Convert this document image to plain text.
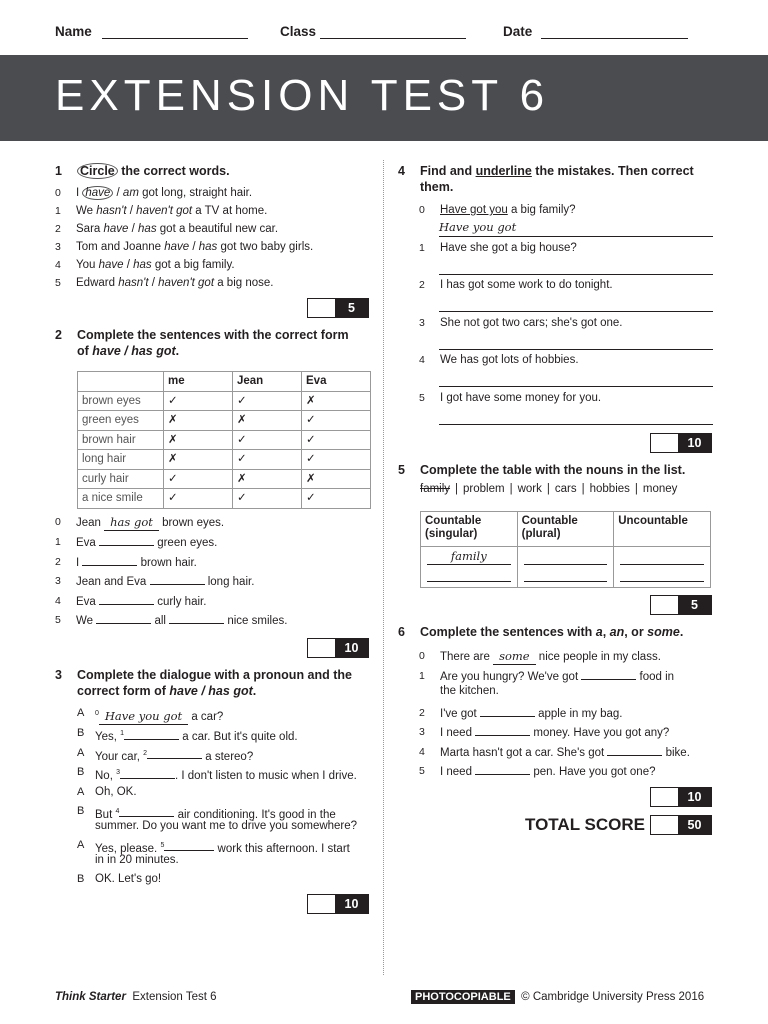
Name	Class	Date
EXTENSION TEST 6
1 Circle the correct words.
0 I have / am got long, straight hair.
1 We hasn't / haven't got a TV at home.
2 Sara have / has got a beautiful new car.
3 Tom and Joanne have / has got two baby girls.
4 You have / has got a big family.
5 Edward hasn't / haven't got a big nose.
5
2 Complete the sentences with the correct form
of have / has got.
	me	Jean	Eva
brown eyes	✓	✓	✗
green eyes	✗	✗	✓
brown hair	✗	✓	✓
long hair	✗	✓	✓
curly hair	✓	✗	✗
a nice smile	✓	✓	✓
0 Jean has got brown eyes.
1 Eva	green eyes.
2 I	brown hair.
3 Jean and Eva	long hair.
4 Eva	curly hair.
5 We	all	nice smiles.
10
3 Complete the dialogue with a pronoun and the
correct form of have / has got.
A $^0$ Have you got a car?
B Yes, $^1$	a car. But it's quite old.
A Your car, $^2$	a stereo?
B No, $^3$	. I don't listen to music when I drive.
A Oh, OK.
B But $^4$	air conditioning. It's good in the
summer. Do you want me to drive you somewhere?
A Yes, please. $^5$	work this afternoon. I start
in in 20 minutes.
B OK. Let's go!
10
4 Find and underline the mistakes. Then correct
them.
0 Have got you a big family?
Have you got
1 Have she got a big house?
2 I has got some work to do tonight.
3 She not got two cars; she's got one.
4 We has got lots of hobbies.
5 I got have some money for you.
10
5 Complete the table with the nouns in the list.
family | problem | work | cars | hobbies | money
Countable
(singular)	Countable
(plural)	Uncountable

family		

5
6 Complete the sentences with a, an, or some.
0 There are some nice people in my class.
1 Are you hungry? We've got	food in
the kitchen.
2 I've got	apple in my bag.
3 I need	money. Have you got any?
4 Marta hasn't got a car. She's got	bike.
5 I need	pen. Have you got one?
10
TOTAL SCORE	50
Think Starter Extension Test 6	PHOTOCOPIABLE © Cambridge University Press 2016
